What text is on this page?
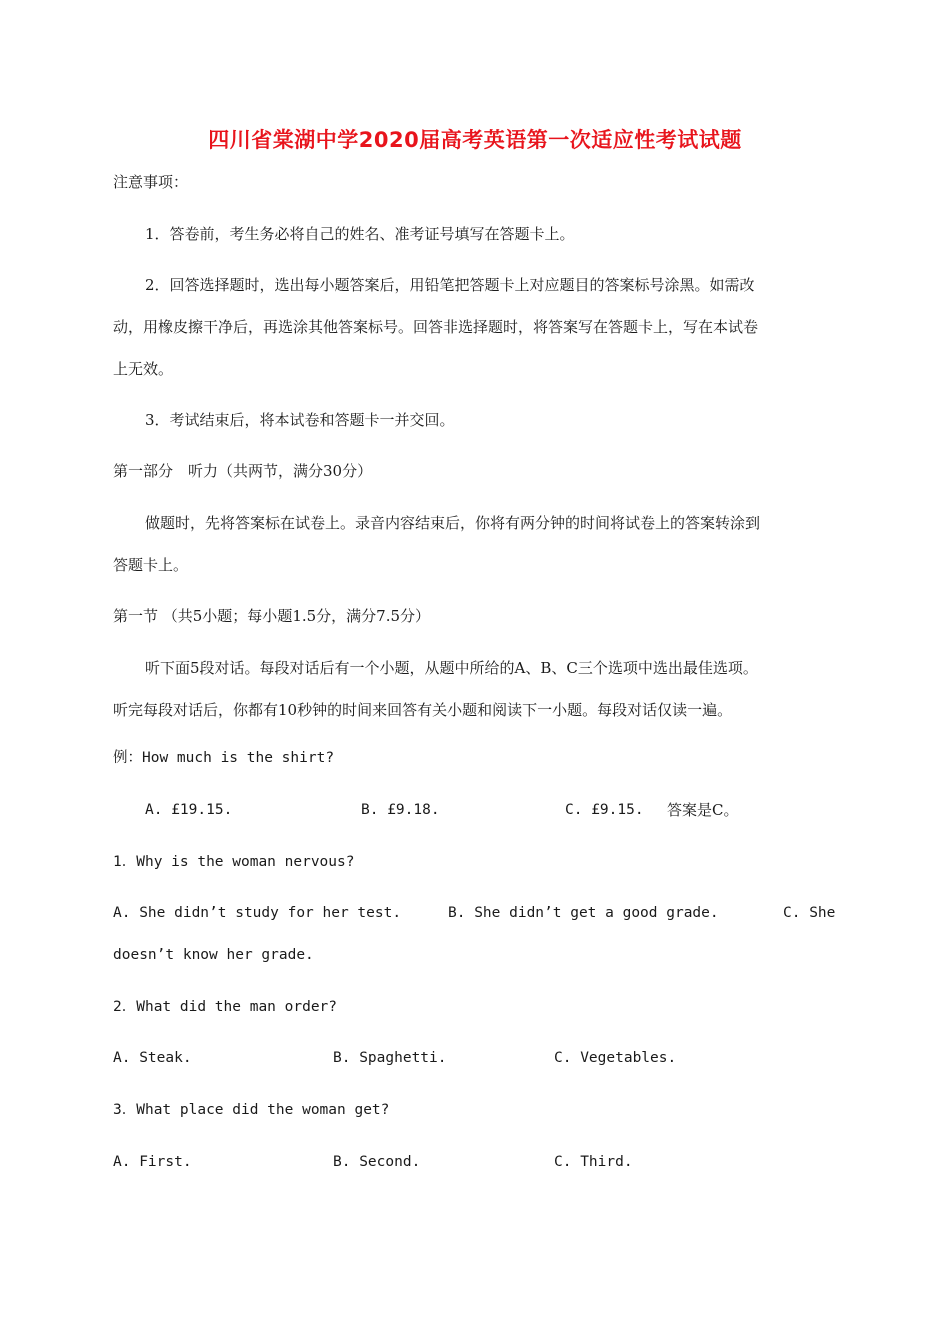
四川省棠湖中学2020届高考英语第一次适应性考试试题

注意事项：

1．答卷前，考生务必将自己的姓名、准考证号填写在答题卡上。

2．回答选择题时，选出每小题答案后，用铅笔把答题卡上对应题目的答案标号涂黑。如需改

动，用橡皮擦干净后，再选涂其他答案标号。回答非选择题时，将答案写在答题卡上，写在本试卷

上无效。

3．考试结束后，将本试卷和答题卡一并交回。

第一部分　听力（共两节，满分30分）

做题时，先将答案标在试卷上。录音内容结束后，你将有两分钟的时间将试卷上的答案转涂到

答题卡上。

第一节 （共5小题；每小题1.5分，满分7.5分）

听下面5段对话。每段对话后有一个小题，从题中所给的A、B、C三个选项中选出最佳选项。

听完每段对话后，你都有10秒钟的时间来回答有关小题和阅读下一小题。每段对话仅读一遍。

例：How much is the shirt?

A. £19.15.	B. £9.18.	C. £9.15. 答案是C。

1．Why is the woman nervous?

A. She didn’t study for her test.	B. She didn’t get a good grade.	C. She
doesn’t know her grade.

2．What did the man order?

A. Steak.	B. Spaghetti.	C. Vegetables.

3．What place did the woman get?

A. First.	B. Second.	C. Third.
